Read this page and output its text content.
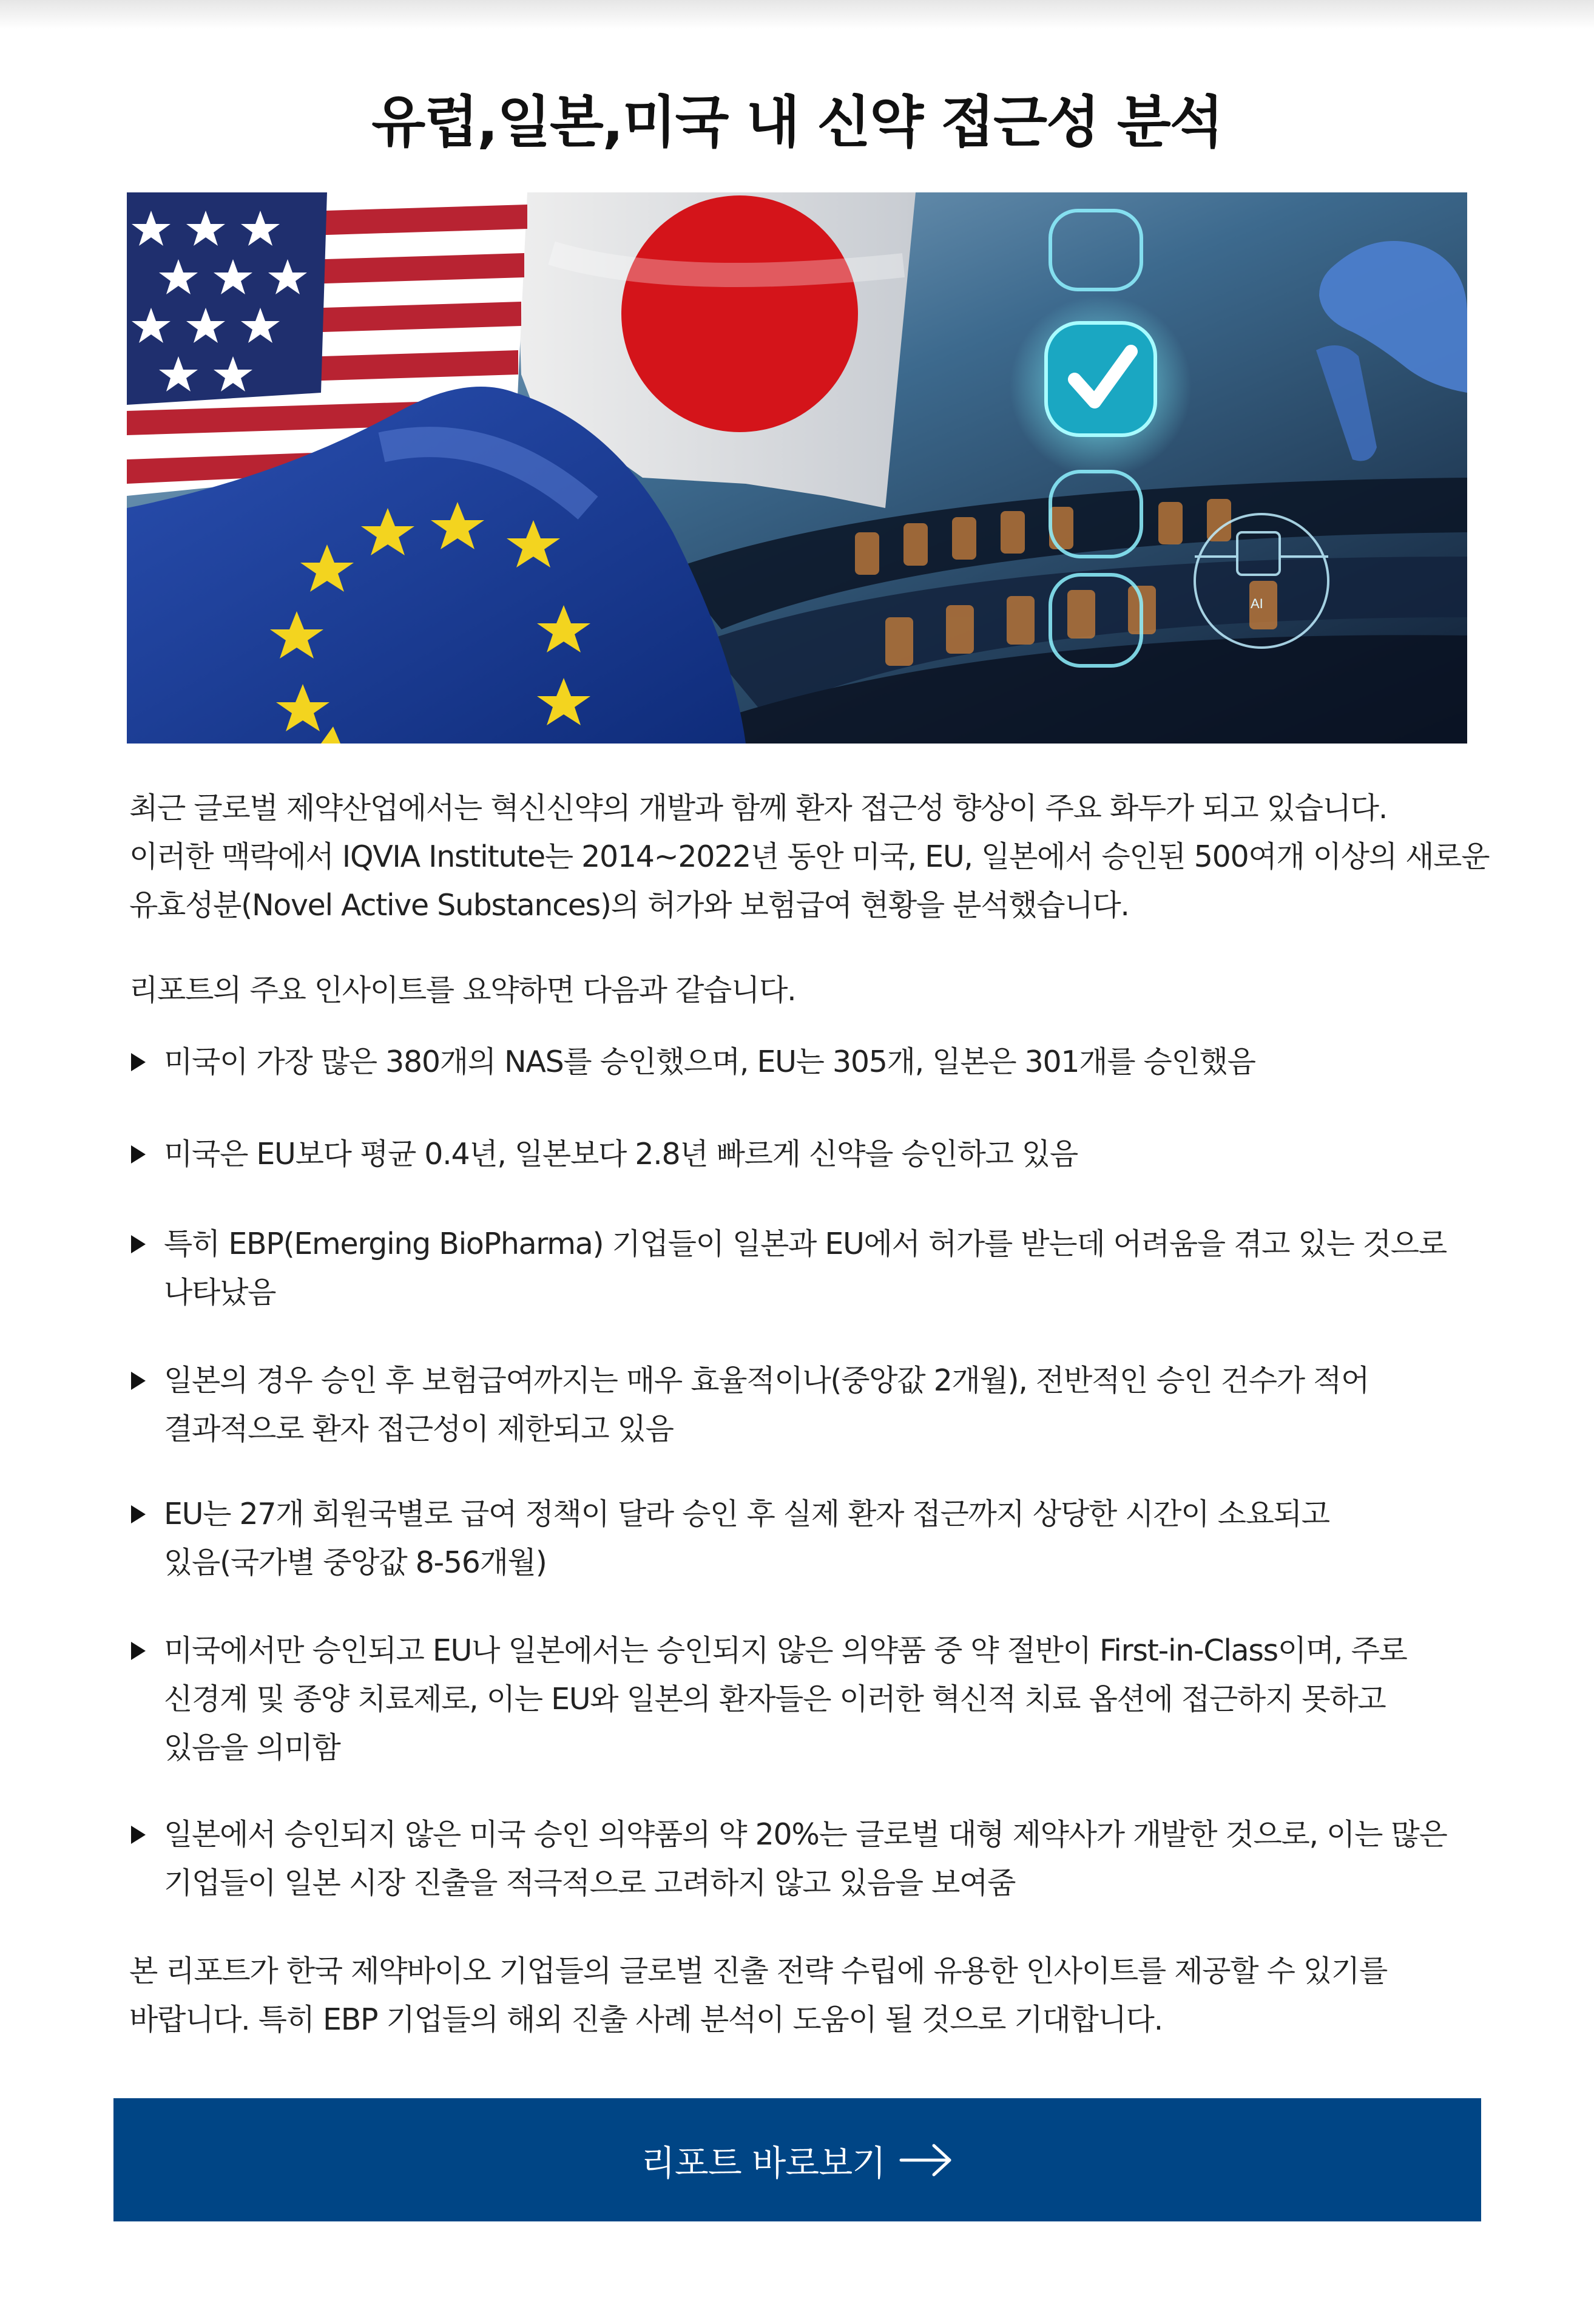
유럽,일본,미국 내 신약 접근성 분석
AI
최근 글로벌 제약산업에서는 혁신신약의 개발과 함께 환자 접근성 향상이 주요 화두가 되고 있습니다.
이러한 맥락에서 IQVIA Institute는 2014~2022년 동안 미국, EU, 일본에서 승인된 500여개 이상의 새로운
유효성분(Novel Active Substances)의 허가와 보험급여 현황을 분석했습니다.
리포트의 주요 인사이트를 요약하면 다음과 같습니다.
미국이 가장 많은 380개의 NAS를 승인했으며, EU는 305개, 일본은 301개를 승인했음
미국은 EU보다 평균 0.4년, 일본보다 2.8년 빠르게 신약을 승인하고 있음
특히 EBP(Emerging BioPharma) 기업들이 일본과 EU에서 허가를 받는데 어려움을 겪고 있는 것으로
나타났음
일본의 경우 승인 후 보험급여까지는 매우 효율적이나(중앙값 2개월), 전반적인 승인 건수가 적어
결과적으로 환자 접근성이 제한되고 있음
EU는 27개 회원국별로 급여 정책이 달라 승인 후 실제 환자 접근까지 상당한 시간이 소요되고
있음(국가별 중앙값 8-56개월)
미국에서만 승인되고 EU나 일본에서는 승인되지 않은 의약품 중 약 절반이 First-in-Class이며, 주로
신경계 및 종양 치료제로, 이는 EU와 일본의 환자들은 이러한 혁신적 치료 옵션에 접근하지 못하고
있음을 의미함
일본에서 승인되지 않은 미국 승인 의약품의 약 20%는 글로벌 대형 제약사가 개발한 것으로, 이는 많은
기업들이 일본 시장 진출을 적극적으로 고려하지 않고 있음을 보여줌
본 리포트가 한국 제약바이오 기업들의 글로벌 진출 전략 수립에 유용한 인사이트를 제공할 수 있기를
바랍니다. 특히 EBP 기업들의 해외 진출 사례 분석이 도움이 될 것으로 기대합니다.
리포트 바로보기
